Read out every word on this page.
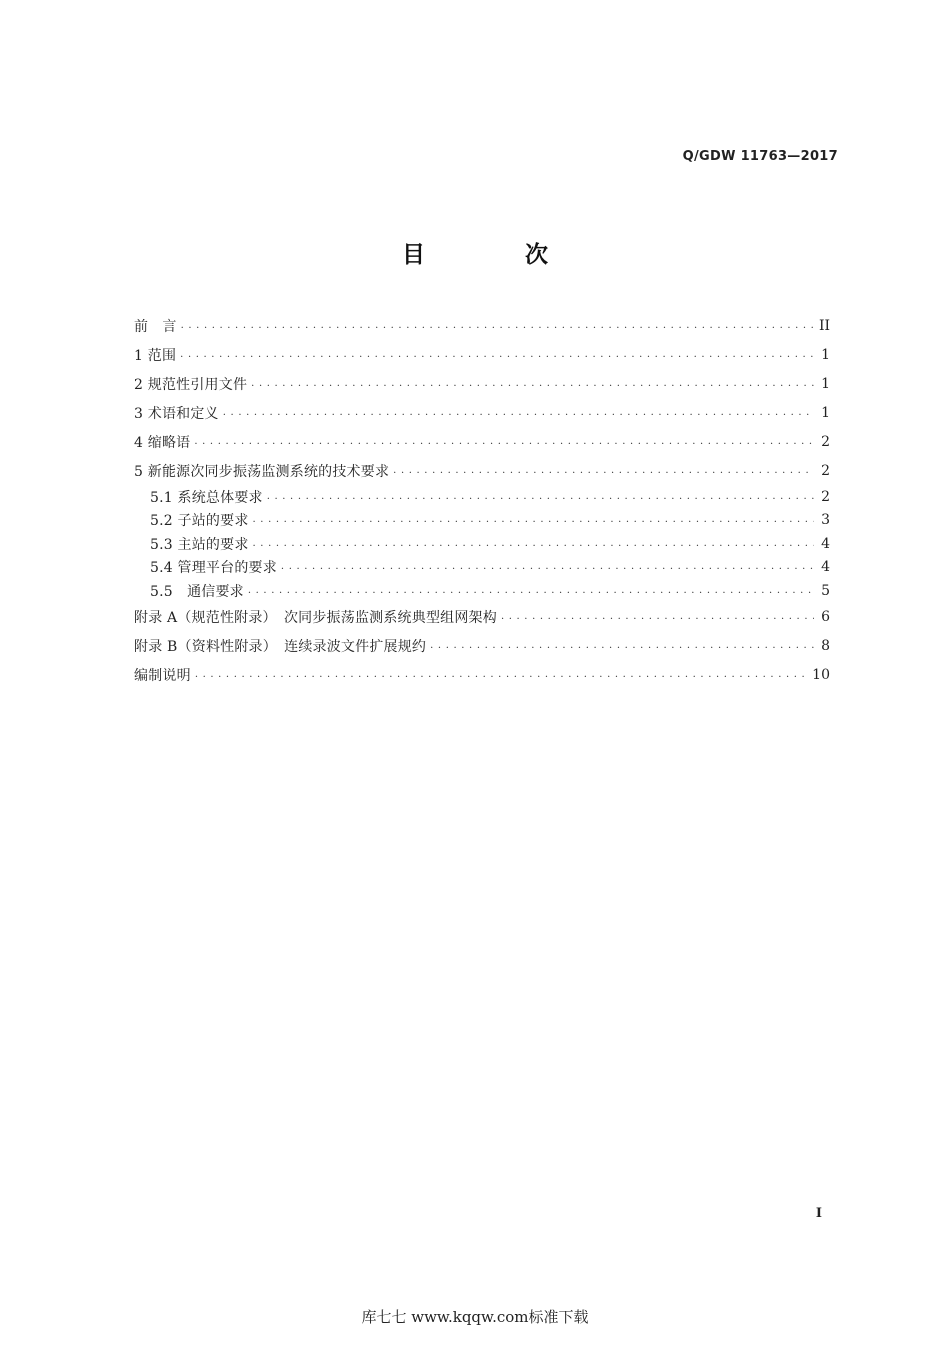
Q/GDW 11763—2017
目 次
前　言 .....	II
1 范围 .....	1
2 规范性引用文件 .....	1
3 术语和定义 .....	1
4 缩略语 .....	2
5 新能源次同步振荡监测系统的技术要求 .....	2
5.1 系统总体要求 .....	2
5.2 子站的要求 .....	3
5.3 主站的要求 .....	4
5.4 管理平台的要求 .....	4
5.5　通信要求 .....	5
附录 A（规范性附录）　次同步振荡监测系统典型组网架构 .....	6
附录 B（资料性附录）　连续录波文件扩展规约 .....	8
编制说明 .....	10
I
库七七 www.kqqw.com标准下载
